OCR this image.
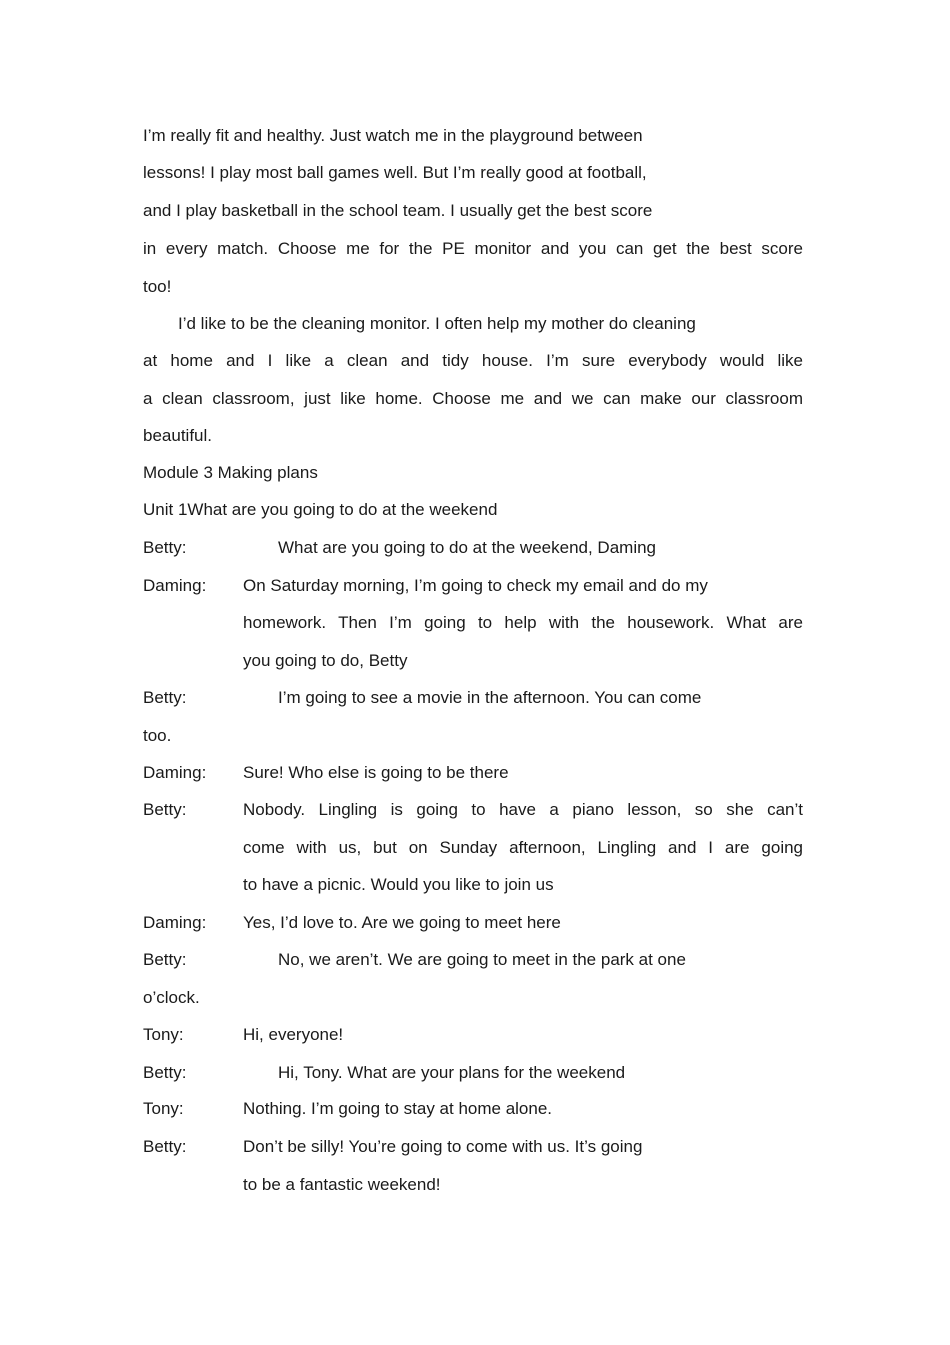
I’m really fit and healthy. Just watch me in the playground between
lessons! I play most ball games well. But I’m really good at football,
and I play basketball in the school team. I usually get the best score
in every match. Choose me for the PE monitor and you can get the best score
too!
I’d like to be the cleaning monitor. I often help my mother do cleaning
at home and I like a clean and tidy house. I’m sure everybody would like
a clean classroom, just like home. Choose me and we can make our classroom
beautiful.
Module 3 Making plans
Unit 1What are you going to do at the weekend
Betty:	What are you going to do at the weekend, Daming
Daming: On Saturday morning, I’m going to check my email and do my
homework. Then I’m going to help with the housework. What are
you going to do, Betty
Betty:	I’m going to see a movie in the afternoon. You can come
too.
Daming: Sure! Who else is going to be there
Betty:	Nobody. Lingling is going to have a piano lesson, so she can’t
come with us, but on Sunday afternoon, Lingling and I are going
to have a picnic. Would you like to join us
Daming: Yes, I’d love to. Are we going to meet here
Betty:	No, we aren’t. We are going to meet in the park at one
o’clock.
Tony:	Hi, everyone!
Betty:	Hi, Tony. What are your plans for the weekend
Tony:	Nothing. I’m going to stay at home alone.
Betty:	Don’t be silly! You’re going to come with us. It’s going
to be a fantastic weekend!
